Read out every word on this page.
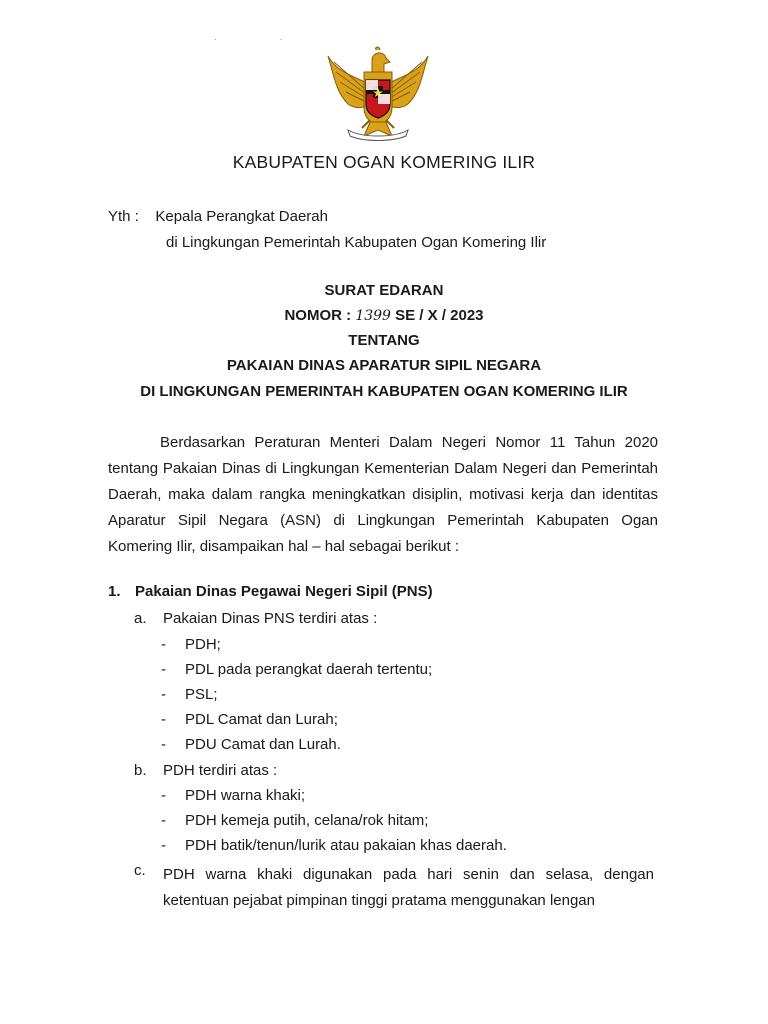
· ·
KABUPATEN OGAN KOMERING ILIR
Yth : Kepala Perangkat Daerah
di Lingkungan Pemerintah Kabupaten Ogan Komering Ilir
SURAT EDARAN
NOMOR : 1399 SE / X / 2023
TENTANG
PAKAIAN DINAS APARATUR SIPIL NEGARA
DI LINGKUNGAN PEMERINTAH KABUPATEN OGAN KOMERING ILIR
Berdasarkan Peraturan Menteri Dalam Negeri Nomor 11 Tahun 2020 tentang Pakaian Dinas di Lingkungan Kementerian Dalam Negeri dan Pemerintah Daerah, maka dalam rangka meningkatkan disiplin, motivasi kerja dan identitas Aparatur Sipil Negara (ASN) di Lingkungan Pemerintah Kabupaten Ogan Komering Ilir, disampaikan hal – hal sebagai berikut :
1. Pakaian Dinas Pegawai Negeri Sipil (PNS)
a. Pakaian Dinas PNS terdiri atas :
- PDH;
- PDL pada perangkat daerah tertentu;
- PSL;
- PDL Camat dan Lurah;
- PDU Camat dan Lurah.
b. PDH terdiri atas :
- PDH warna khaki;
- PDH kemeja putih, celana/rok hitam;
- PDH batik/tenun/lurik atau pakaian khas daerah.
c. PDH warna khaki digunakan pada hari senin dan selasa, dengan ketentuan pejabat pimpinan tinggi pratama menggunakan lengan
